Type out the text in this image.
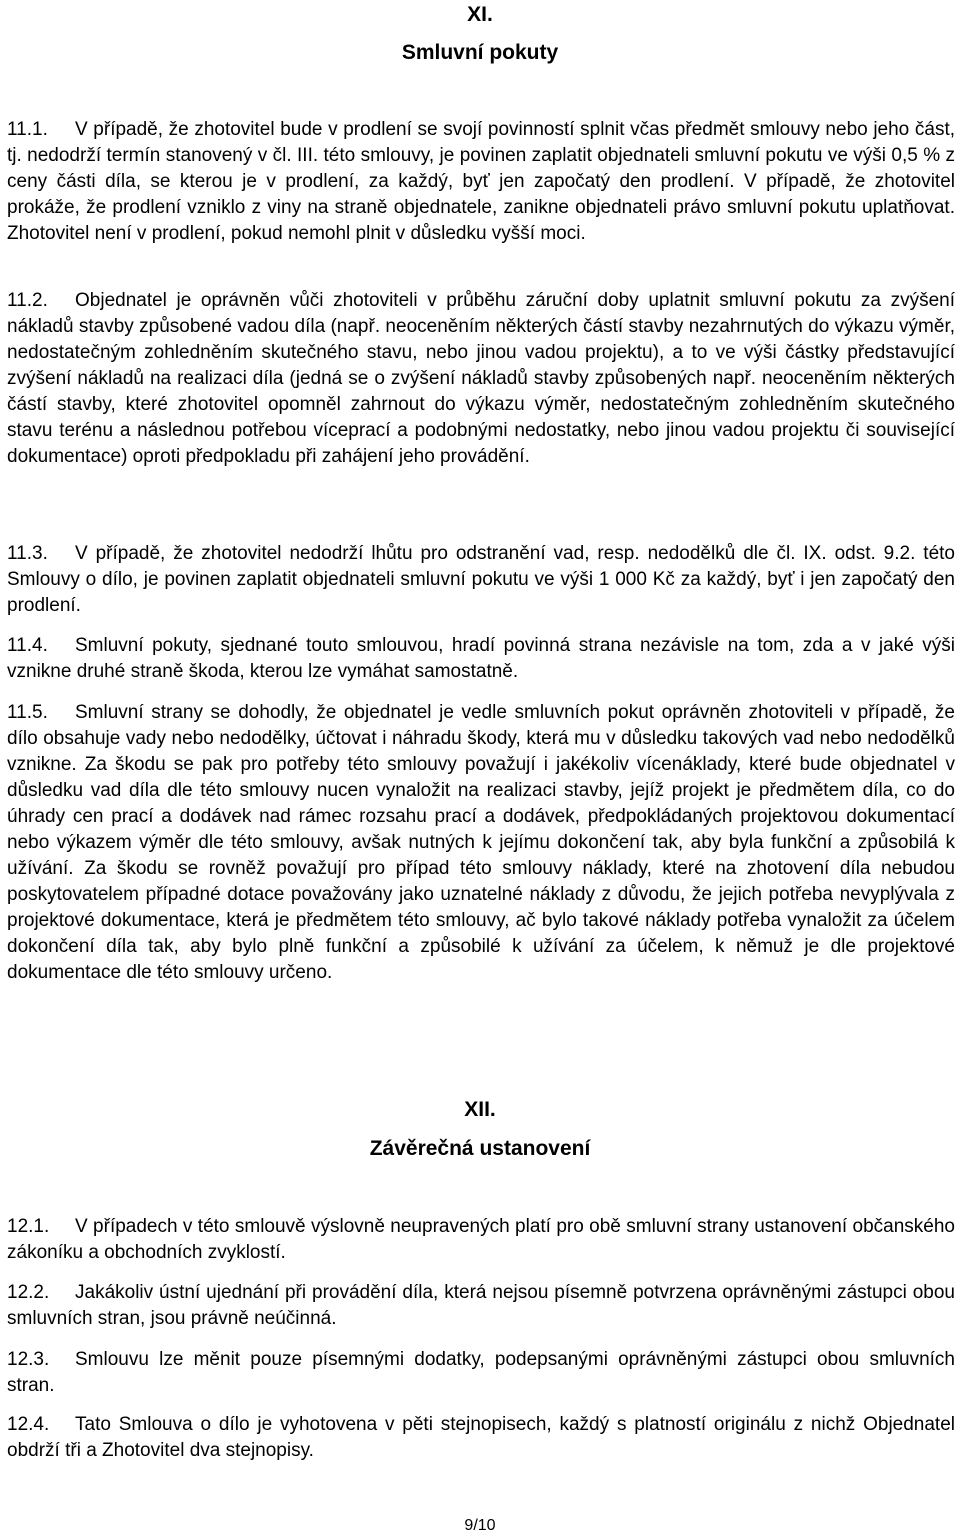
XI.
Smluvní pokuty

11.1. V případě, že zhotovitel bude v prodlení se svojí povinností splnit včas předmět smlouvy nebo jeho část, tj. nedodrží termín stanovený v čl. III. této smlouvy, je povinen zaplatit objednateli smluvní pokutu ve výši 0,5 % z ceny části díla, se kterou je v prodlení, za každý, byť jen započatý den prodlení. V případě, že zhotovitel prokáže, že prodlení vzniklo z viny na straně objednatele, zanikne objednateli právo smluvní pokutu uplatňovat. Zhotovitel není v prodlení, pokud nemohl plnit v důsledku vyšší moci.

11.2. Objednatel je oprávněn vůči zhotoviteli v průběhu záruční doby uplatnit smluvní pokutu za zvýšení nákladů stavby způsobené vadou díla (např. neoceněním některých částí stavby nezahrnutých do výkazu výměr, nedostatečným zohledněním skutečného stavu, nebo jinou vadou projektu), a to ve výši částky představující zvýšení nákladů na realizaci díla (jedná se o zvýšení nákladů stavby způsobených např. neoceněním některých částí stavby, které zhotovitel opomněl zahrnout do výkazu výměr, nedostatečným zohledněním skutečného stavu terénu a následnou potřebou víceprací a podobnými nedostatky, nebo jinou vadou projektu či související dokumentace) oproti předpokladu při zahájení jeho provádění.

11.3. V případě, že zhotovitel nedodrží lhůtu pro odstranění vad, resp. nedodělků dle čl. IX. odst. 9.2. této Smlouvy o dílo, je povinen zaplatit objednateli smluvní pokutu ve výši 1 000 Kč za každý, byť i jen započatý den prodlení.

11.4. Smluvní pokuty, sjednané touto smlouvou, hradí povinná strana nezávisle na tom, zda a v jaké výši vznikne druhé straně škoda, kterou lze vymáhat samostatně.

11.5. Smluvní strany se dohodly, že objednatel je vedle smluvních pokut oprávněn zhotoviteli v případě, že dílo obsahuje vady nebo nedodělky, účtovat i náhradu škody, která mu v důsledku takových vad nebo nedodělků vznikne. Za škodu se pak pro potřeby této smlouvy považují i jakékoliv vícenáklady, které bude objednatel v důsledku vad díla dle této smlouvy nucen vynaložit na realizaci stavby, jejíž projekt je předmětem díla, co do úhrady cen prací a dodávek nad rámec rozsahu prací a dodávek, předpokládaných projektovou dokumentací nebo výkazem výměr dle této smlouvy, avšak nutných k jejímu dokončení tak, aby byla funkční a způsobilá k užívání. Za škodu se rovněž považují pro případ této smlouvy náklady, které na zhotovení díla nebudou poskytovatelem případné dotace považovány jako uznatelné náklady z důvodu, že jejich potřeba nevyplývala z projektové dokumentace, která je předmětem této smlouvy, ač bylo takové náklady potřeba vynaložit za účelem dokončení díla tak, aby bylo plně funkční a způsobilé k užívání za účelem, k němuž je dle projektové dokumentace dle této smlouvy určeno.

XII.
Závěrečná ustanovení

12.1. V případech v této smlouvě výslovně neupravených platí pro obě smluvní strany ustanovení občanského zákoníku a obchodních zvyklostí.

12.2. Jakákoliv ústní ujednání při provádění díla, která nejsou písemně potvrzena oprávněnými zástupci obou smluvních stran, jsou právně neúčinná.

12.3. Smlouvu lze měnit pouze písemnými dodatky, podepsanými oprávněnými zástupci obou smluvních stran.

12.4. Tato Smlouva o dílo je vyhotovena v pěti stejnopisech, každý s platností originálu z nichž Objednatel obdrží tři a Zhotovitel dva stejnopisy.

9/10
